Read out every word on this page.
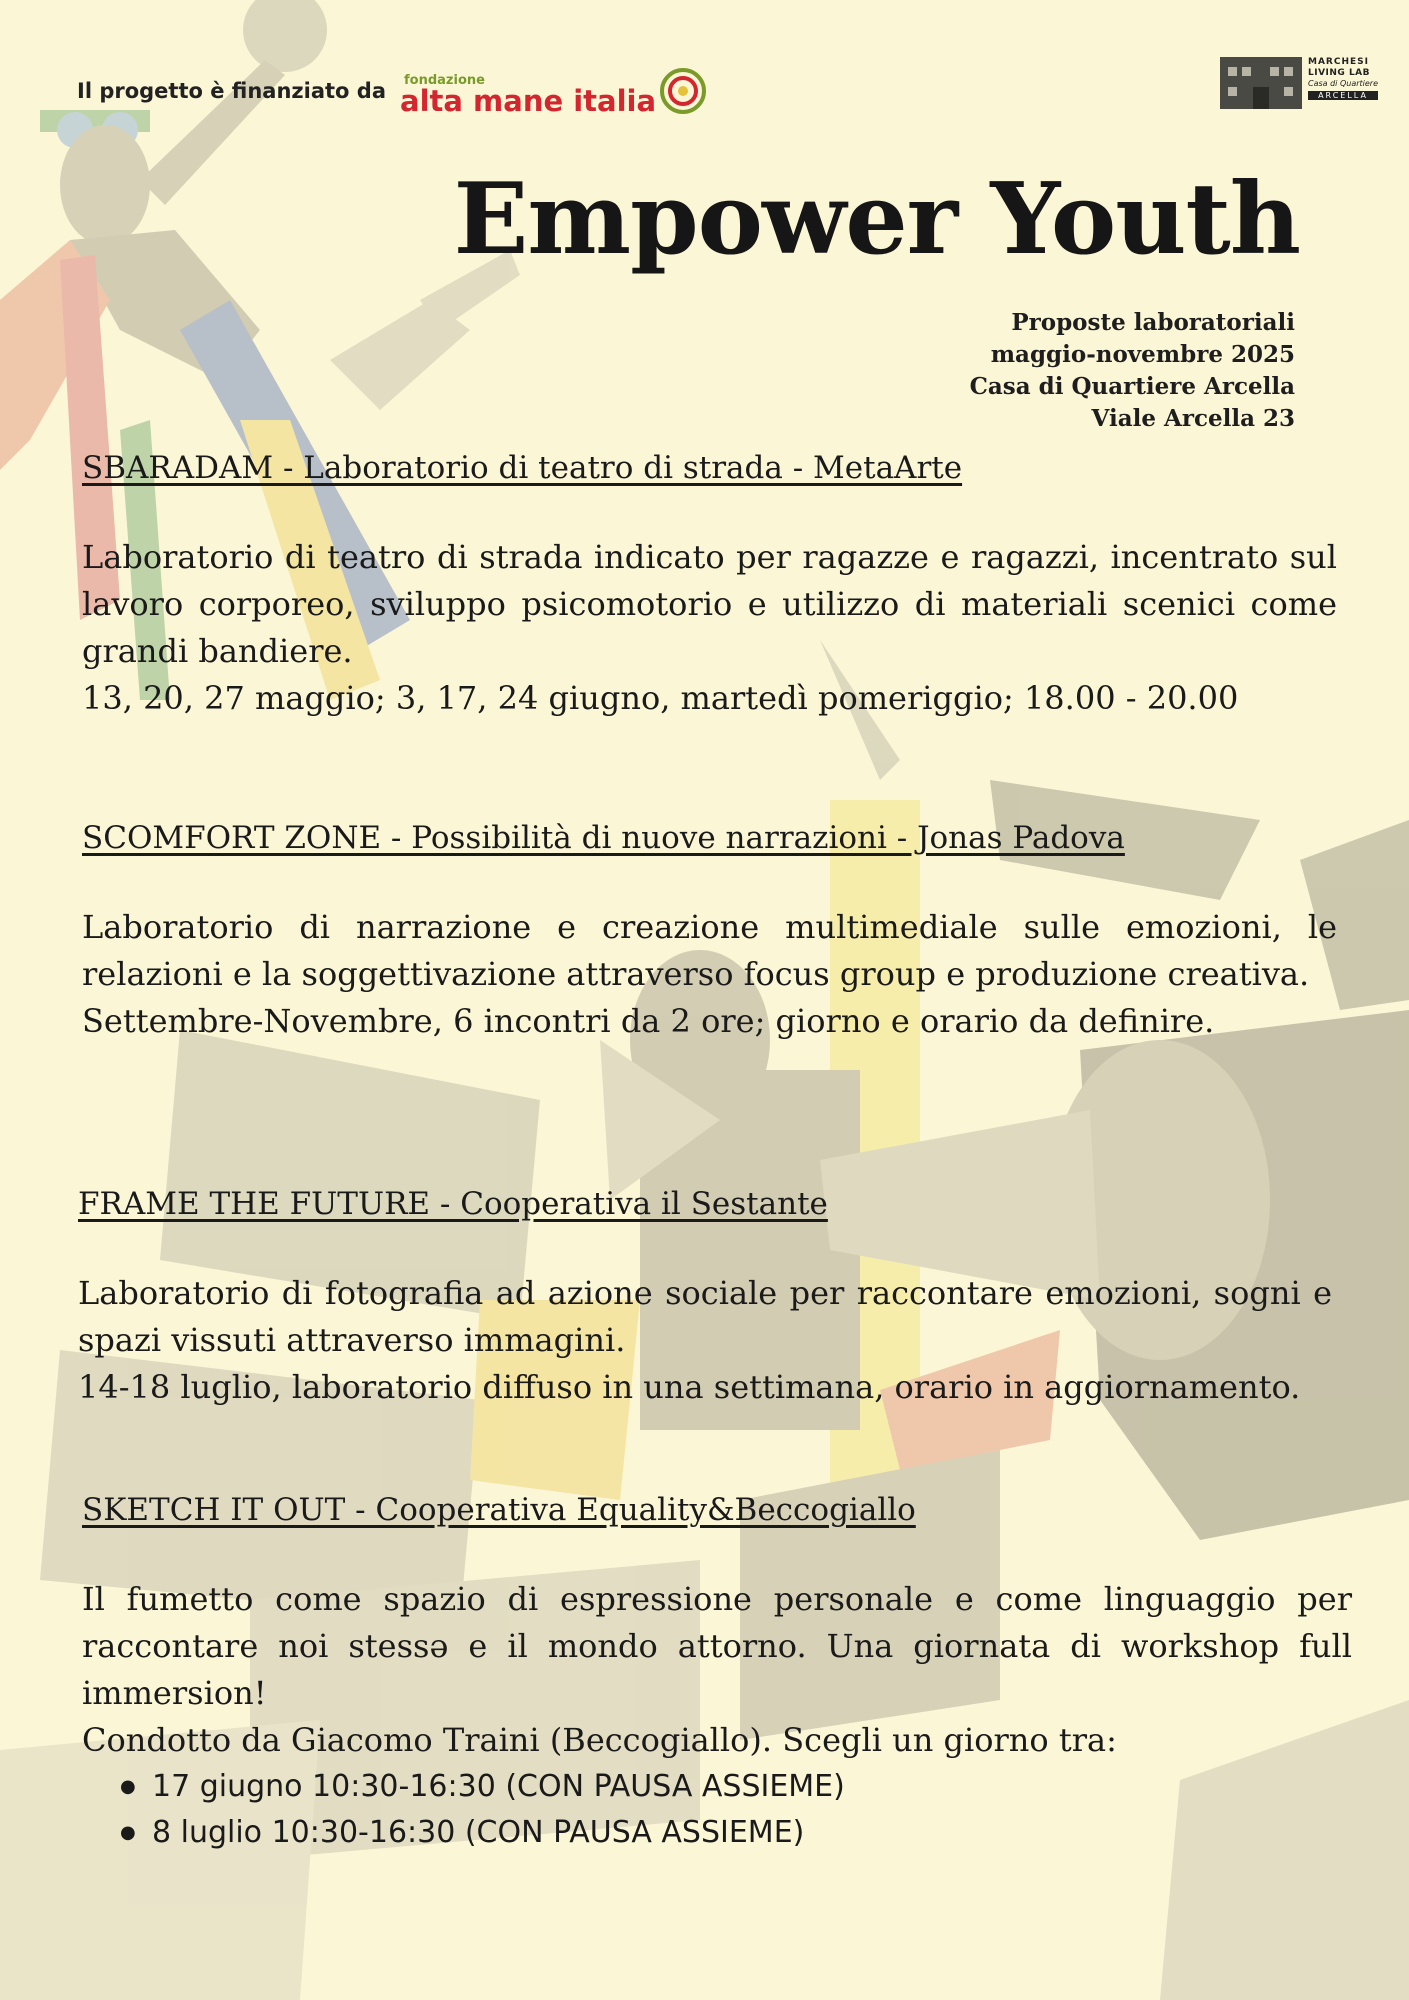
Il progetto è finanziato da fondazione
alta mane italia
MARCHESI
LIVING LAB
Casa di Quartiere
ARCELLA
Empower Youth
Proposte laboratoriali
maggio-novembre 2025
Casa di Quartiere Arcella
Viale Arcella 23
SBARADAM - Laboratorio di teatro di strada - MetaArte

Laboratorio di teatro di strada indicato per ragazze e ragazzi, incentrato sul lavoro corporeo, sviluppo psicomotorio e utilizzo di materiali scenici come grandi bandiere.

13, 20, 27 maggio; 3, 17, 24 giugno, martedì pomeriggio; 18.00 - 20.00

SCOMFORT ZONE - Possibilità di nuove narrazioni - Jonas Padova

Laboratorio di narrazione e creazione multimediale sulle emozioni, le relazioni e la soggettivazione attraverso focus group e produzione creativa.

Settembre-Novembre, 6 incontri da 2 ore; giorno e orario da definire.

FRAME THE FUTURE - Cooperativa il Sestante

Laboratorio di fotografia ad azione sociale per raccontare emozioni, sogni e spazi vissuti attraverso immagini.

14-18 luglio, laboratorio diffuso in una settimana, orario in aggiornamento.

SKETCH IT OUT - Cooperativa Equality&Beccogiallo

Il fumetto come spazio di espressione personale e come linguaggio per raccontare noi stessə e il mondo attorno. Una giornata di workshop full immersion!

Condotto da Giacomo Traini (Beccogiallo). Scegli un giorno tra:

● 17 giugno 10:30-16:30 (CON PAUSA ASSIEME)
● 8 luglio 10:30-16:30 (CON PAUSA ASSIEME)
